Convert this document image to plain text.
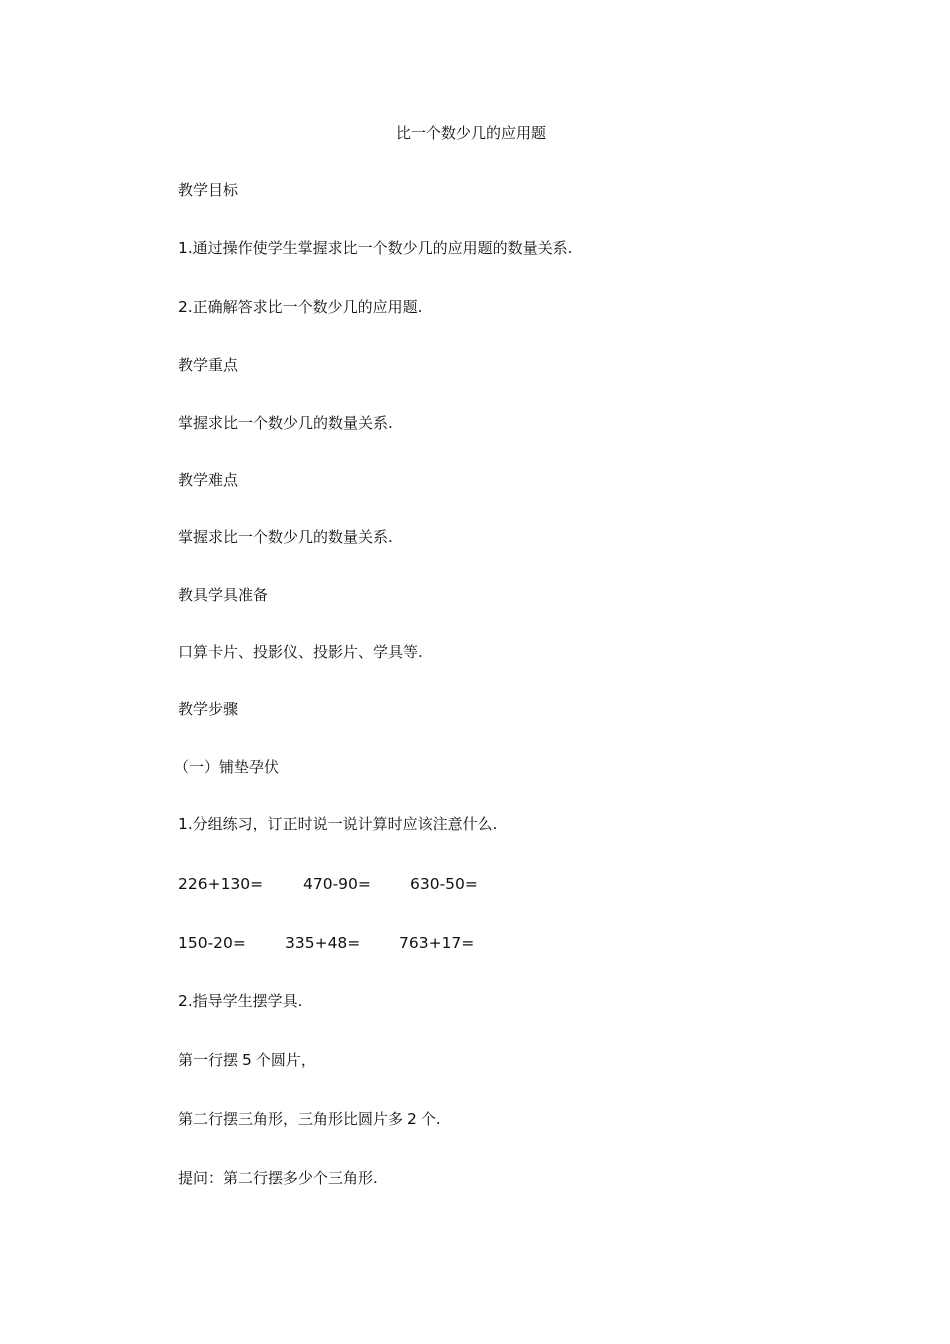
比一个数少几的应用题
教学目标
1.通过操作使学生掌握求比一个数少几的应用题的数量关系.
2.正确解答求比一个数少几的应用题.
教学重点
掌握求比一个数少几的数量关系.
教学难点
掌握求比一个数少几的数量关系.
教具学具准备
口算卡片、投影仪、投影片、学具等.
教学步骤
（一）铺垫孕伏
1.分组练习，订正时说一说计算时应该注意什么.
226+130=	470-90=	630-50=
150-20=	335+48= 763+17=
2.指导学生摆学具.
第一行摆 5 个圆片，
第二行摆三角形，三角形比圆片多 2 个.
提问：第二行摆多少个三角形.
